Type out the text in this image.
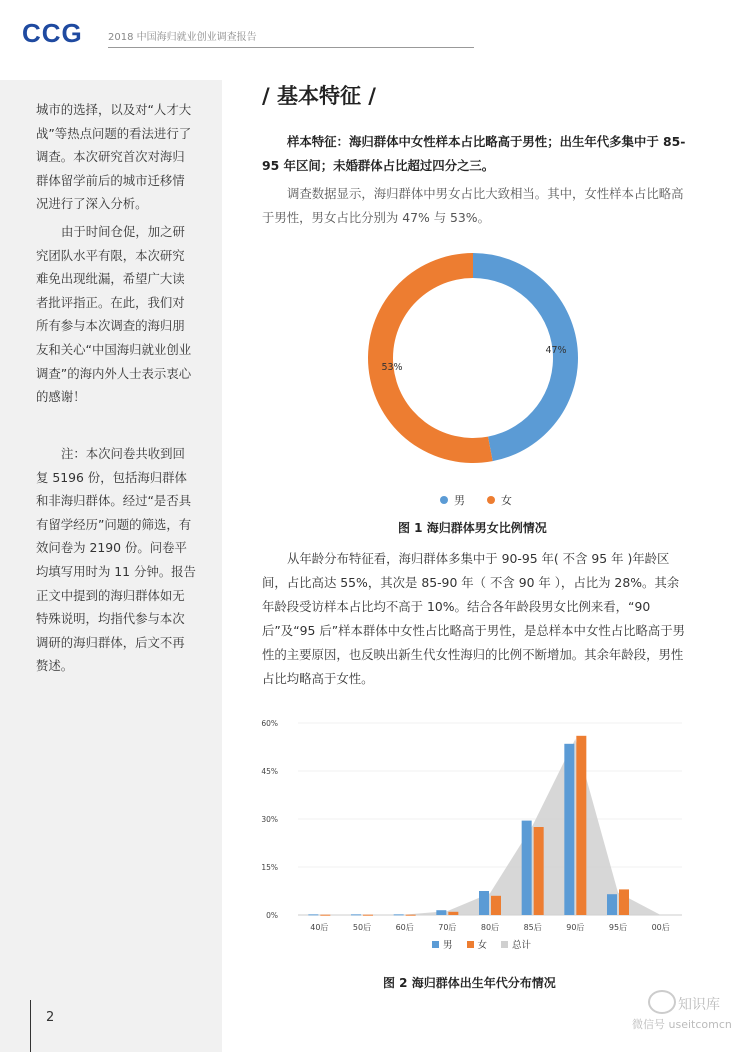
CCG	2018 中国海归就业创业调查报告

城市的选择，以及对“人才大战”等热点问题的看法进行了调查。本次研究首次对海归群体留学前后的城市迁移情况进行了深入分析。

由于时间仓促，加之研究团队水平有限，本次研究难免出现纰漏，希望广大读者批评指正。在此，我们对所有参与本次调查的海归朋友和关心“中国海归就业创业调查”的海内外人士表示衷心的感谢！

注：本次问卷共收到回复 5196 份，包括海归群体和非海归群体。经过“是否具有留学经历”问题的筛选，有效问卷为 2190 份。问卷平均填写用时为 11 分钟。报告正文中提到的海归群体如无特殊说明，均指代参与本次调研的海归群体，后文不再赘述。

2
/ 基本特征 /

样本特征：海归群体中女性样本占比略高于男性；出生年代多集中于 85-95 年区间；未婚群体占比超过四分之三。

调查数据显示，海归群体中男女占比大致相当。其中，女性样本占比略高于男性，男女占比分别为 47% 与 53%。

47%
53%
男	女
图 1 海归群体男女比例情况

从年龄分布特征看，海归群体多集中于 90-95 年( 不含 95 年 )年龄区间，占比高达 55%，其次是 85-90 年（ 不含 90 年 ），占比为 28%。其余年龄段受访样本占比均不高于 10%。结合各年龄段男女比例来看，“90 后”及“95 后”样本群体中女性占比略高于男性，是总样本中女性占比略高于男性的主要原因，也反映出新生代女性海归的比例不断增加。其余年龄段，男性占比均略高于女性。

40后	50后	60后	70后	80后	85后	90后	95后	00后
0%
15%
30%
45%
60%
男	女	总计
图 2 海归群体出生年代分布情况
知识库
微信号 useitcomcn
